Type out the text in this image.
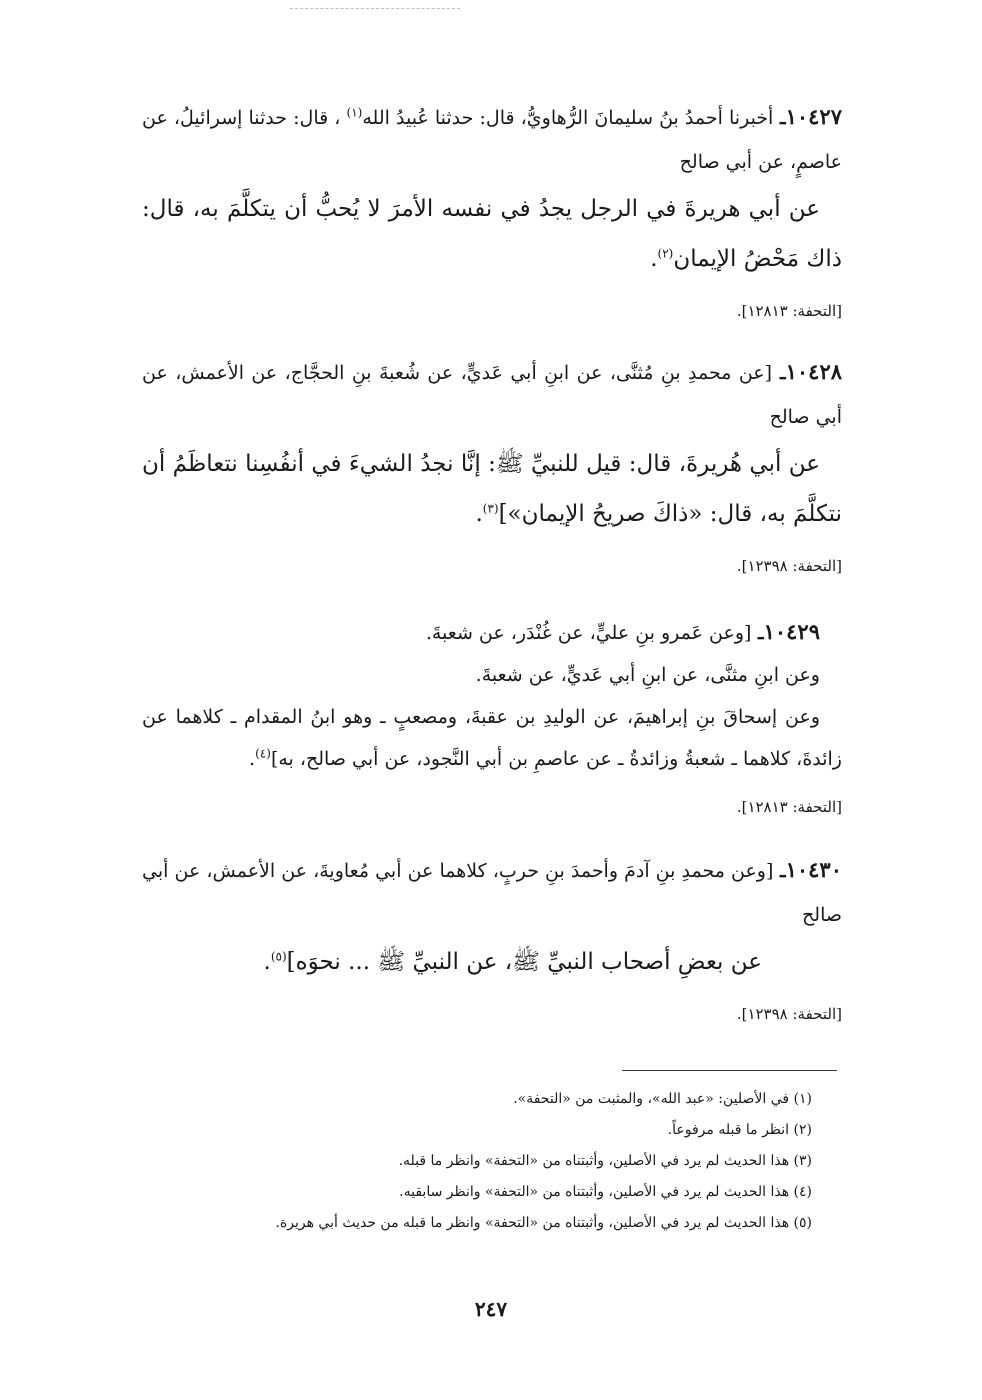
١٠٤٢٧ـ أخبرنا أحمدُ بنُ سليمانَ الرُّهاويُّ، قال: حدثنا عُبيدُ الله$^{(١)}$ ، قال: حدثنا إسرائيلُ، عن عاصمٍ، عن أبي صالح

عن أبي هريرةَ في الرجل يجدُ في نفسه الأمرَ لا يُحبُّ أن يتكلَّمَ به، قال: ذاك مَحْضُ الإيمان$^{(٢)}$.

[التحفة: ١٢٨١٣].

١٠٤٢٨ـ [عن محمدِ بنِ مُثنَّى، عن ابنِ أبي عَديٍّ، عن شُعبةَ بنِ الحجَّاج، عن الأعمش، عن أبي صالح

عن أبي هُريرةَ، قال: قيل للنبيِّ ﷺ: إنَّا نجدُ الشيءَ في أنفُسِنا نتعاظَمُ أن نتكلَّمَ به، قال: «ذاكَ صريحُ الإيمان»]$^{(٣)}$.

[التحفة: ١٢٣٩٨].

١٠٤٢٩ـ [وعن عَمرو بنِ عليٍّ، عن غُنْدَر، عن شعبةَ.

وعن ابنِ مثنَّى، عن ابنِ أبي عَديٍّ، عن شعبةَ.

وعن إسحاقَ بنِ إبراهيمَ، عن الوليدِ بن عقبةَ، ومصعبٍ ـ وهو ابنُ المقدام ـ كلاهما عن زائدةَ، كلاهما ـ شعبةُ وزائدةُ ـ عن عاصمِ بن أبي النَّجود، عن أبي صالح، به]$^{(٤)}$.

[التحفة: ١٢٨١٣].

١٠٤٣٠ـ [وعن محمدِ بنِ آدمَ وأحمدَ بنِ حربٍ، كلاهما عن أبي مُعاويةَ، عن الأعمش، عن أبي صالح

عن بعضِ أصحاب النبيِّ ﷺ، عن النبيِّ ﷺ ... نحوَه]$^{(٥)}$.

[التحفة: ١٢٣٩٨].

(١) في الأصلين: «عبد الله»، والمثبت من «التحفة».

(٢) انظر ما قبله مرفوعاً.

(٣) هذا الحديث لم يرد في الأصلين، وأثبتناه من «التحفة» وانظر ما قبله.

(٤) هذا الحديث لم يرد في الأصلين، وأثبتناه من «التحفة» وانظر سابقيه.

(٥) هذا الحديث لم يرد في الأصلين، وأثبتناه من «التحفة» وانظر ما قبله من حديث أبي هريرة.

٢٤٧
